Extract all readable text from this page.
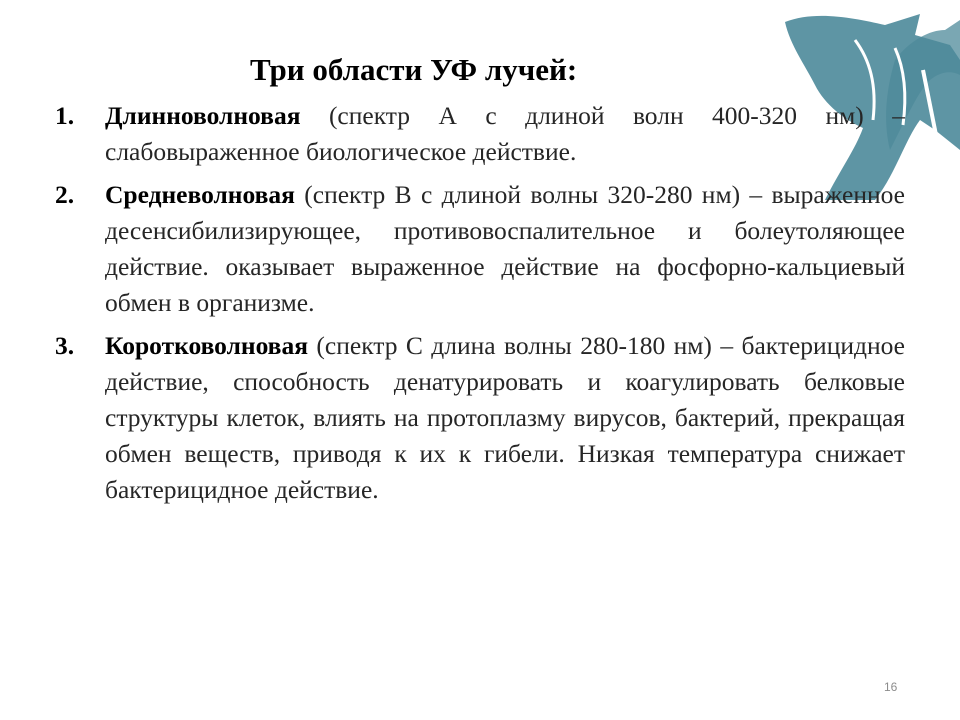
Три области УФ лучей:
1.	Длинноволновая (спектр А с длиной волн 400-320 нм) – слабовыраженное биологическое действие.
2.	Средневолновая (спектр В с длиной волны 320-280 нм) – выраженное десенсибилизирующее, противовоспалительное и болеутоляющее действие. оказывает выраженное действие на фосфорно-кальциевый обмен в организме.
3.	Коротковолновая (спектр С длина волны 280-180 нм) – бактерицидное действие, способность денатурировать и коагулировать белковые структуры клеток, влиять на протоплазму вирусов, бактерий, прекращая обмен веществ, приводя к их к гибели. Низкая температура снижает бактерицидное действие.
16
